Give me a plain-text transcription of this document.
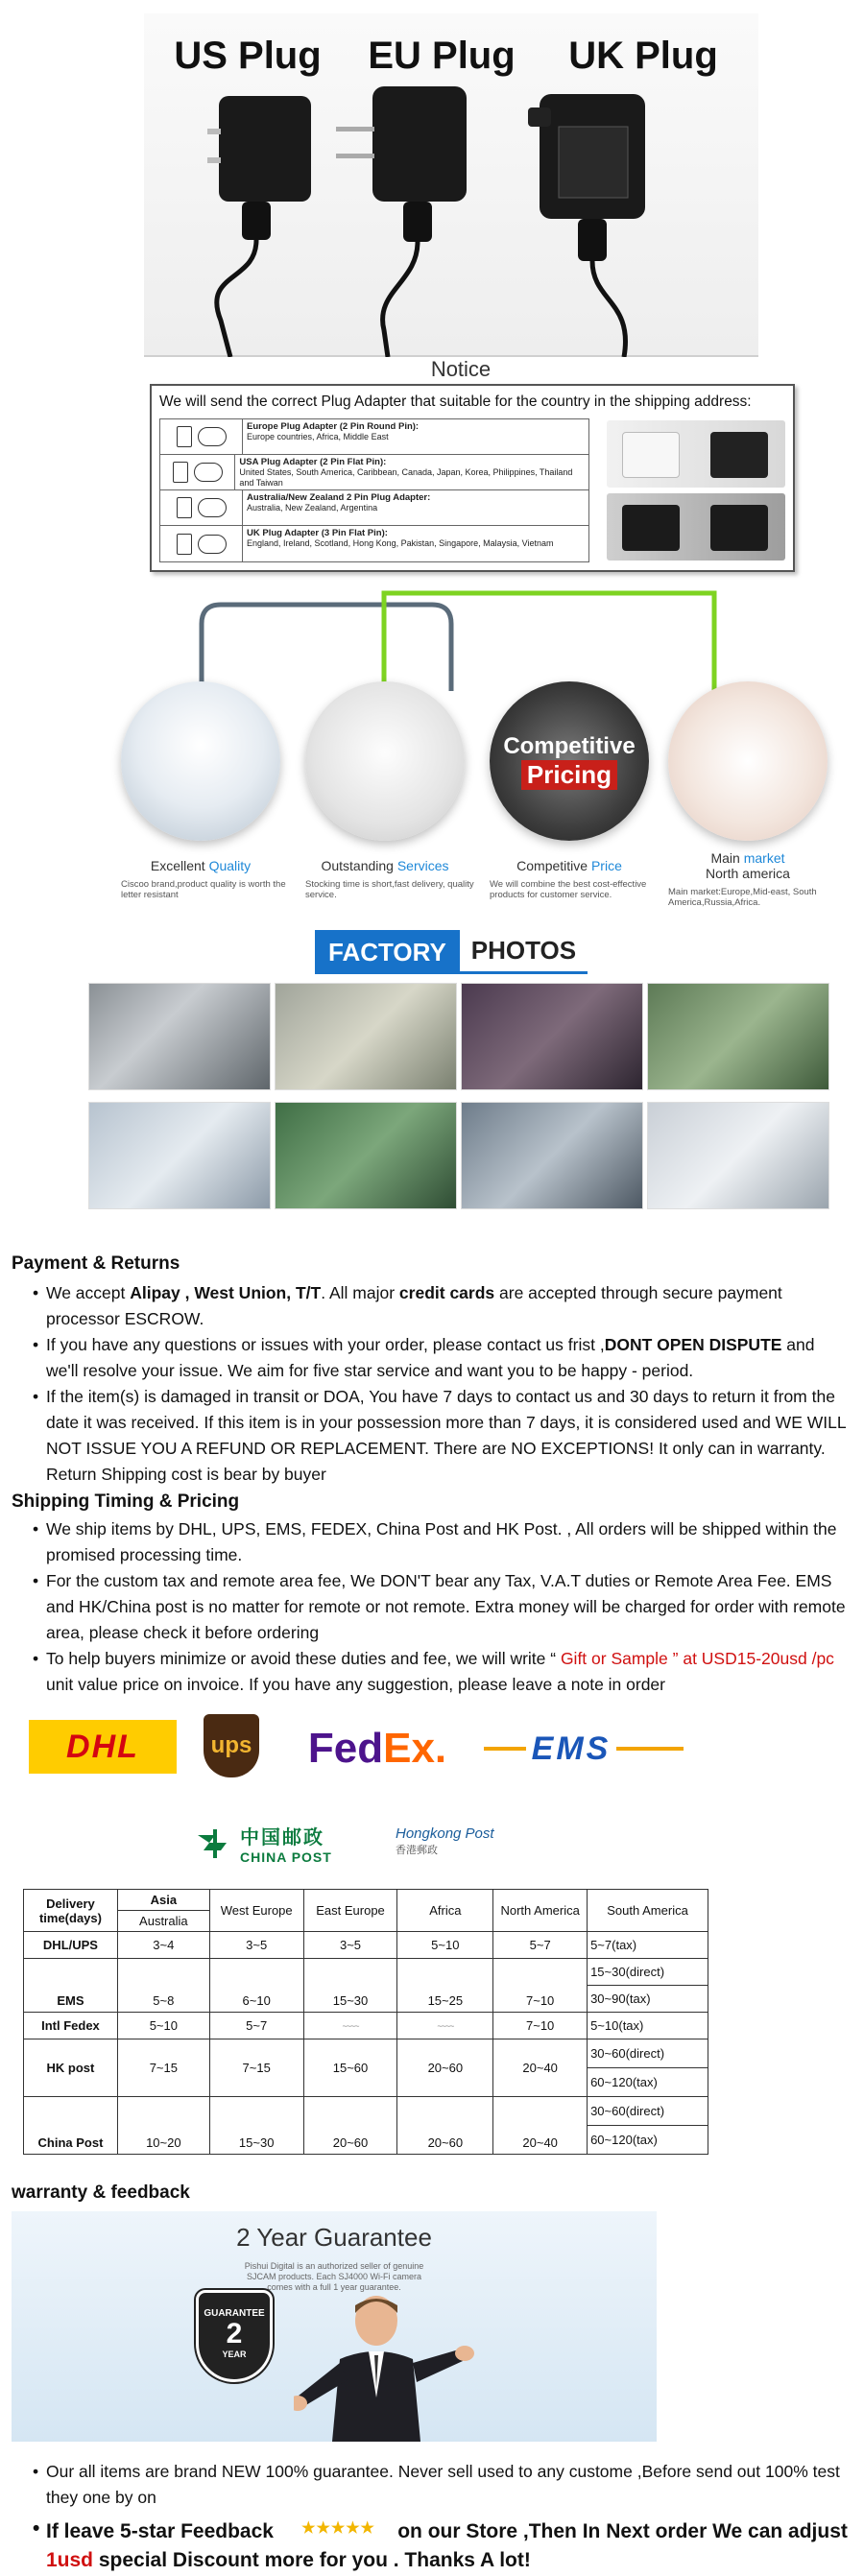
US Plug	EU Plug	UK Plug
Notice
We will send the correct Plug Adapter that suitable for the country in the shipping address:
Europe Plug Adapter (2 Pin Round Pin):
Europe countries, Africa, Middle East
USA Plug Adapter (2 Pin Flat Pin):
United States, South America, Caribbean, Canada, Japan, Korea, Philippines, Thailand and Taiwan
Australia/New Zealand 2 Pin Plug Adapter:
Australia, New Zealand, Argentina
UK Plug Adapter (3 Pin Flat Pin):
England, Ireland, Scotland, Hong Kong, Pakistan, Singapore, Malaysia, Vietnam
Excellent Quality
Ciscoo brand,product quality is worth the letter resistant
Outstanding Services
Stocking time is short,fast delivery, quality service.
Competitive
Pricing
Competitive Price
We will combine the best cost-effective products for customer service.
Main market
North america
Main market:Europe,Mid-east, South America,Russia,Africa.
FACTORY	PHOTOS
Payment & Returns
• We accept Alipay , West Union, T/T. All major credit cards are accepted through secure payment processor ESCROW.
• If you have any questions or issues with your order, please contact us frist ,DONT OPEN DISPUTE and we'll resolve your issue. We aim for five star service and want you to be happy - period.
• If the item(s) is damaged in transit or DOA, You have 7 days to contact us and 30 days to return it from the date it was received. If this item is in your possession more than 7 days, it is considered used and WE WILL NOT ISSUE YOU A REFUND OR REPLACEMENT. There are NO EXCEPTIONS! It only can in warranty. Return Shipping cost is bear by buyer
Shipping Timing & Pricing
• We ship items by DHL, UPS, EMS, FEDEX, China Post and HK Post. , All orders will be shipped within the promised processing time.
• For the custom tax and remote area fee, We DON'T bear any Tax, V.A.T duties or Remote Area Fee. EMS and HK/China post is no matter for remote or not remote. Extra money will be charged for order with remote area, please check it before ordering
• To help buyers minimize or avoid these duties and fee, we will write “ Gift or Sample ” at USD15-20usd /pc unit value price on invoice. If you have any suggestion, please leave a note in order
DHL	ups Fed Ex.	EMS
中国邮政
CHINA POST
Hongkong Post
香港郵政
Delivery time(days)	Asia	West Europe	East Europe	Africa	North America	South America
	Australia					
DHL/UPS	3~4	3~5	3~5	5~10	5~7	5~7(tax)
EMS	5~8	6~10	15~30	15~25	7~10	15~30(direct)
						30~90(tax)
Intl Fedex	5~10	5~7	~~~~	~~~~	7~10	5~10(tax)
HK post	7~15	7~15	15~60	20~60	20~40	30~60(direct)
						60~120(tax)
China Post	10~20	15~30	20~60	20~60	20~40	30~60(direct)
						60~120(tax)
warranty & feedback
2 Year Guarantee
Pishui Digital is an authorized seller of genuine SJCAM products. Each SJ4000 Wi-Fi camera comes with a full 1 year guarantee.
GUARANTEE
2
YEAR
• Our all items are brand NEW 100% guarantee. Never sell used to any custome ,Before send out 100% test they one by on
• If leave 5-star Feedback ★★★★★ on our Store ,Then In Next order We can adjust   1usd special Discount more for you . Thanks A lot!
